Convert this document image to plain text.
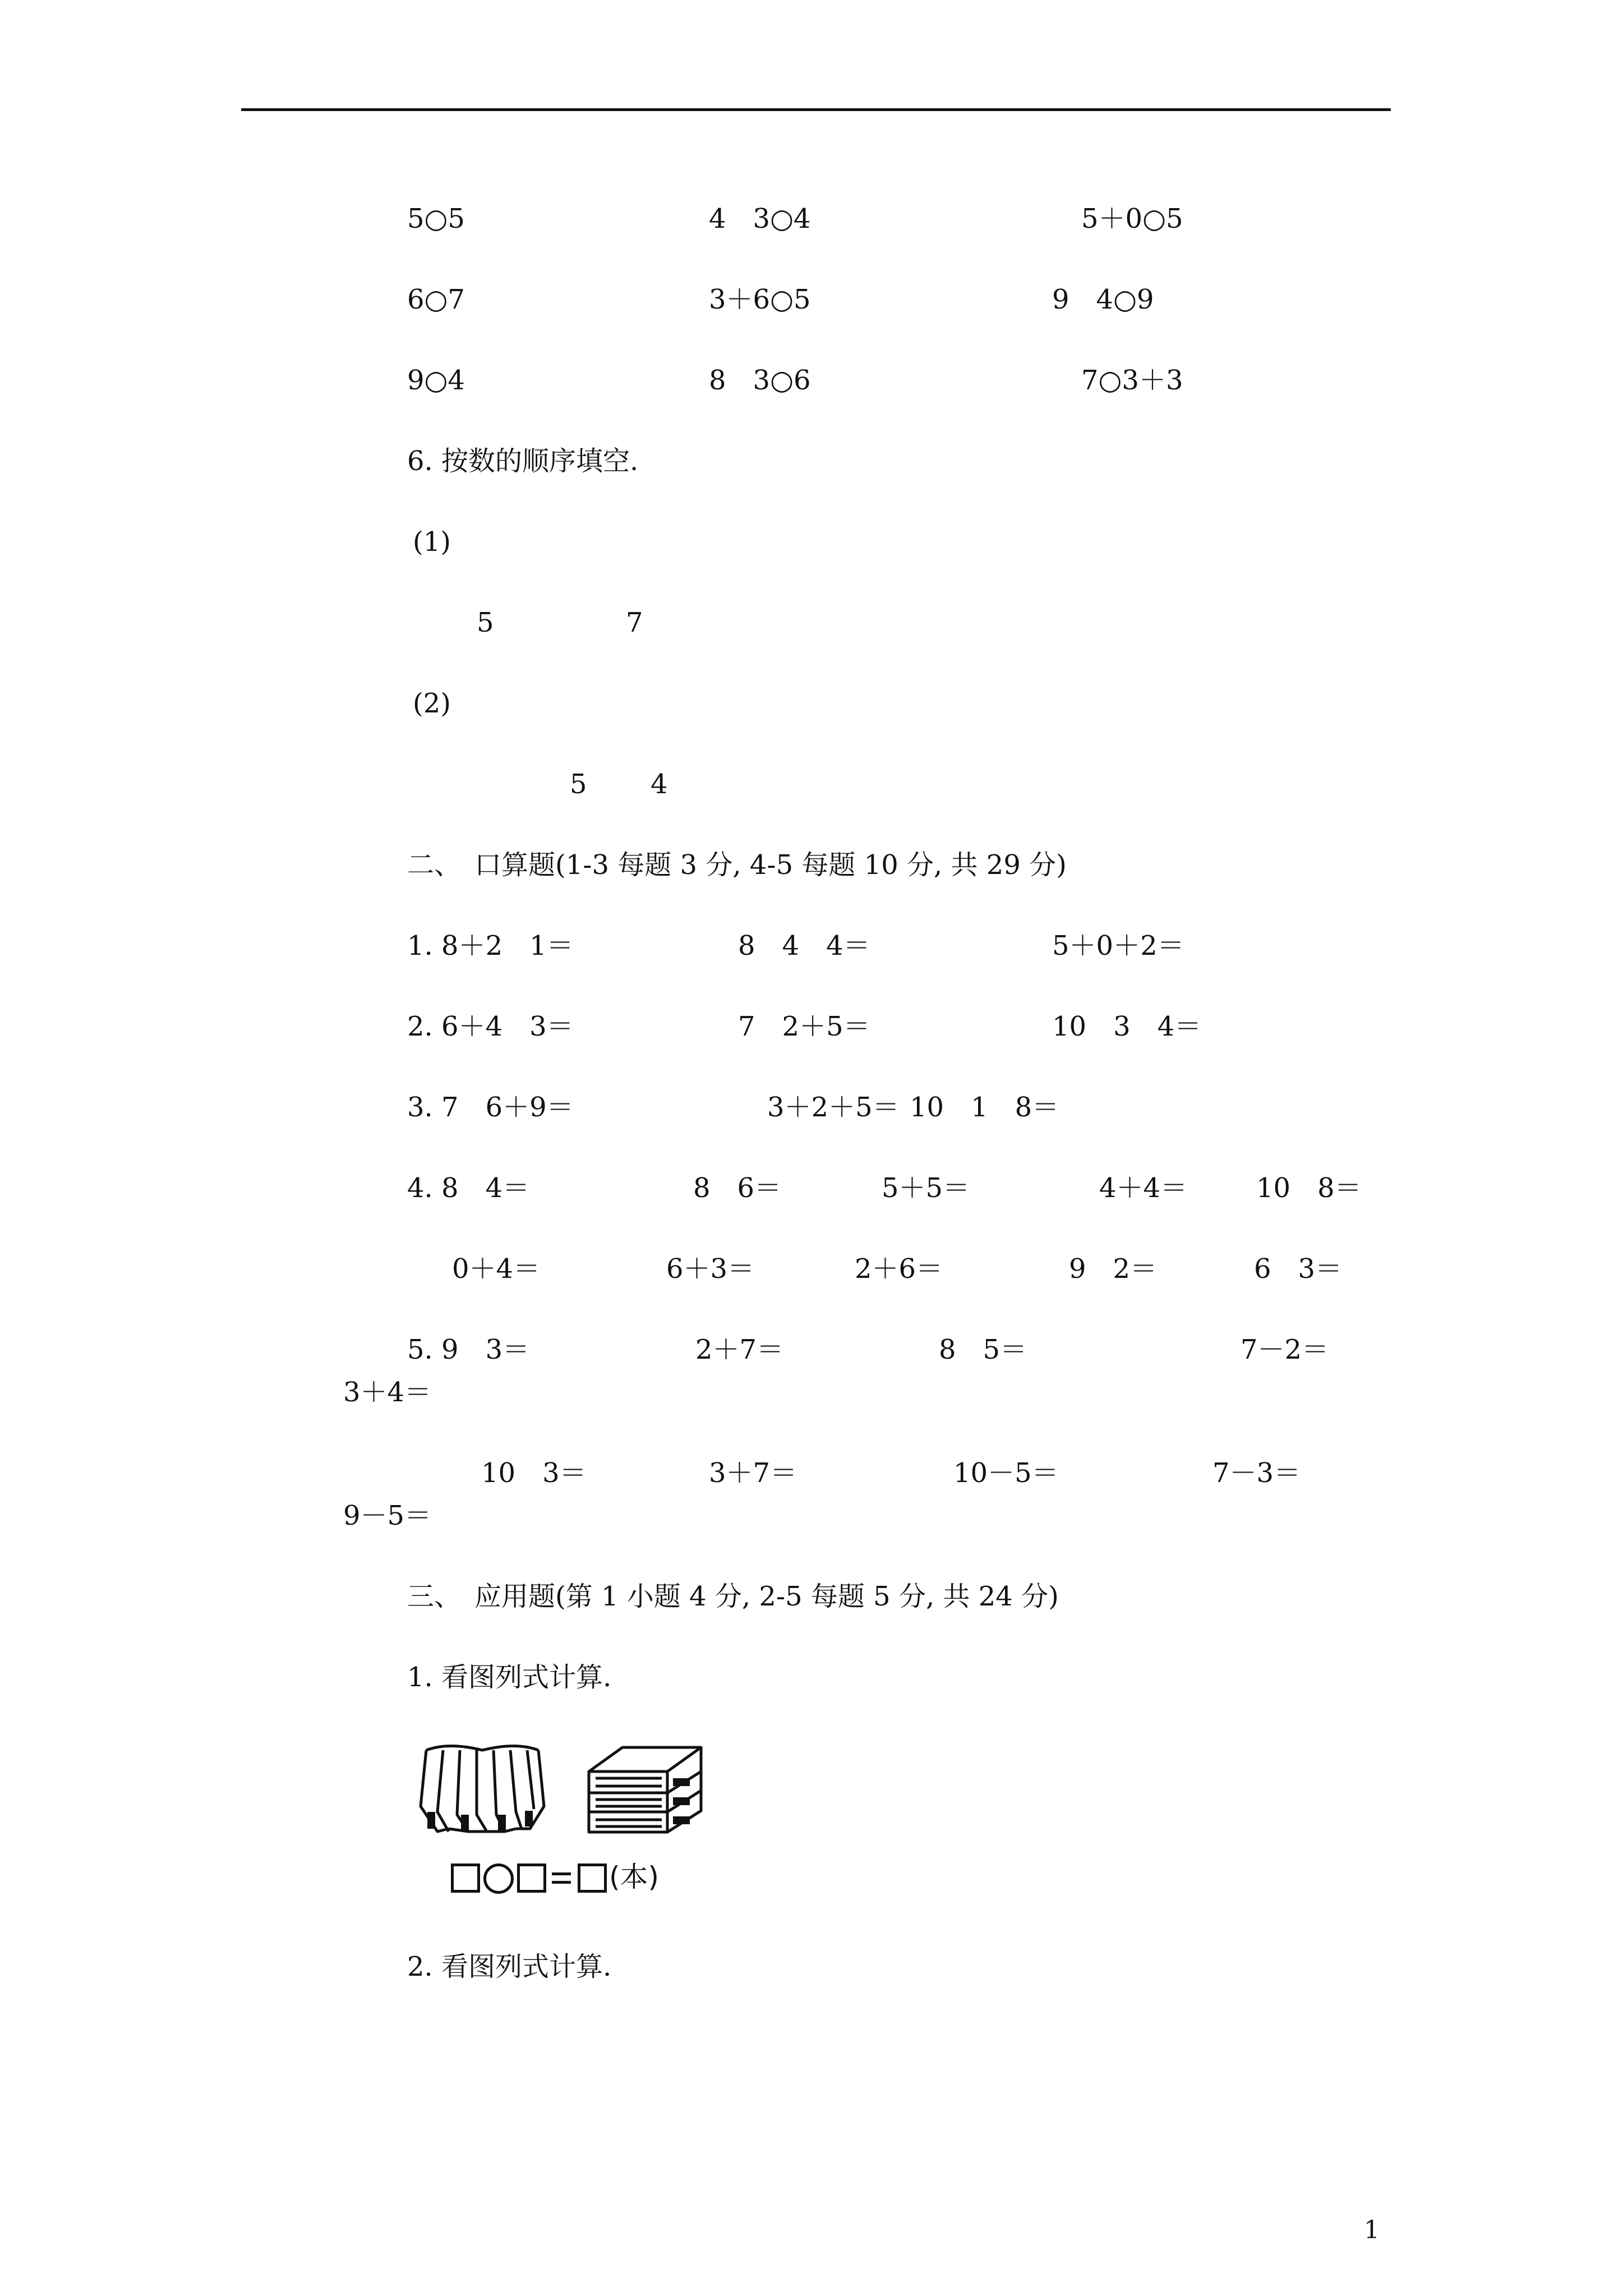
5○5	4　3○4	5＋0○5
6○7	3＋6○5	9　4○9
9○4	8　3○6	7○3＋3
6. 按数的顺序填空.
(1)
5	7
(2)
5 4
二、　口算题(1-3 每题 3 分, 4-5 每题 10 分, 共 29 分)
1. 8＋2　1＝	8　4　4＝	5＋0＋2＝
2. 6＋4　3＝	7　2＋5＝	10　3　4＝
3. 7　6＋9＝	3＋2＋5＝ 10　1　8＝
4. 8　4＝	8　6＝	5＋5＝	4＋4＝	10　8＝
0＋4＝	6＋3＝	2＋6＝	9　2＝	6　3＝
5. 9　3＝	2＋7＝	8　5＝	7－2＝
3＋4＝
10　3＝	3＋7＝	10－5＝	7－3＝
9－5＝
三、　应用题(第 1 小题 4 分, 2-5 每题 5 分, 共 24 分)
1. 看图列式计算.
(本)
2. 看图列式计算.
1
